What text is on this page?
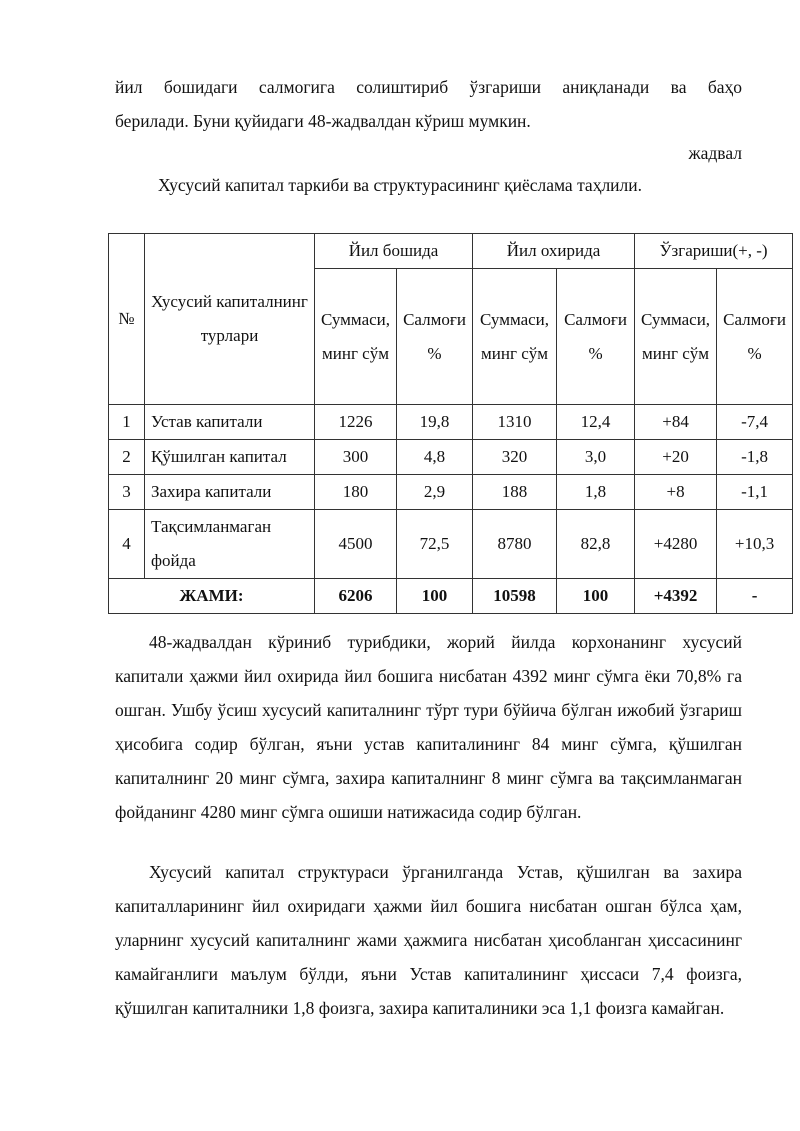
йил бошидаги салмогига солиштириб ўзгариши аниқланади ва баҳо

берилади. Буни қуйидаги 48-жадвалдан кўриш мумкин.

жадвал
Хусусий капитал таркиби ва структурасининг қиёслама таҳлили.
№	Хусусий капиталнинг турлари	Йил бошида		Йил охирида		Ўзгариши(+, -)	
		Суммаси, минг сўм	Салмоғи %	Суммаси, минг сўм	Салмоғи %	Суммаси, минг сўм	Салмоғи %
1	Устав капитали	1226	19,8	1310	12,4	+84	-7,4
2	Қўшилган капитал	300	4,8	320	3,0	+20	-1,8
3	Захира капитали	180	2,9	188	1,8	+8	-1,1
4	Тақсимланмаган фойда	4500	72,5	8780	82,8	+4280	+10,3
ЖАМИ:		6206	100	10598	100	+4392	-

48-жадвалдан кўриниб турибдики, жорий йилда корхонанинг хусусий капитали ҳажми йил охирида йил бошига нисбатан 4392 минг сўмга ёки 70,8% га ошган. Ушбу ўсиш хусусий капиталнинг тўрт тури бўйича бўлган ижобий ўзгариш ҳисобига содир бўлган, яъни устав капиталининг 84 минг сўмга, қўшилган капиталнинг 20 минг сўмга, захира капиталнинг 8 минг сўмга ва тақсимланмаган фойданинг 4280 минг сўмга ошиши натижасида содир бўлган.

Хусусий капитал структураси ўрганилганда Устав, қўшилган ва захира капиталларининг йил охиридаги ҳажми йил бошига нисбатан ошган бўлса ҳам, уларнинг хусусий капиталнинг жами ҳажмига нисбатан ҳисобланган ҳиссасининг камайганлиги маълум бўлди, яъни Устав капиталининг ҳиссаси 7,4 фоизга, қўшилган капиталники 1,8 фоизга, захира капиталиники эса 1,1 фоизга камайган.
